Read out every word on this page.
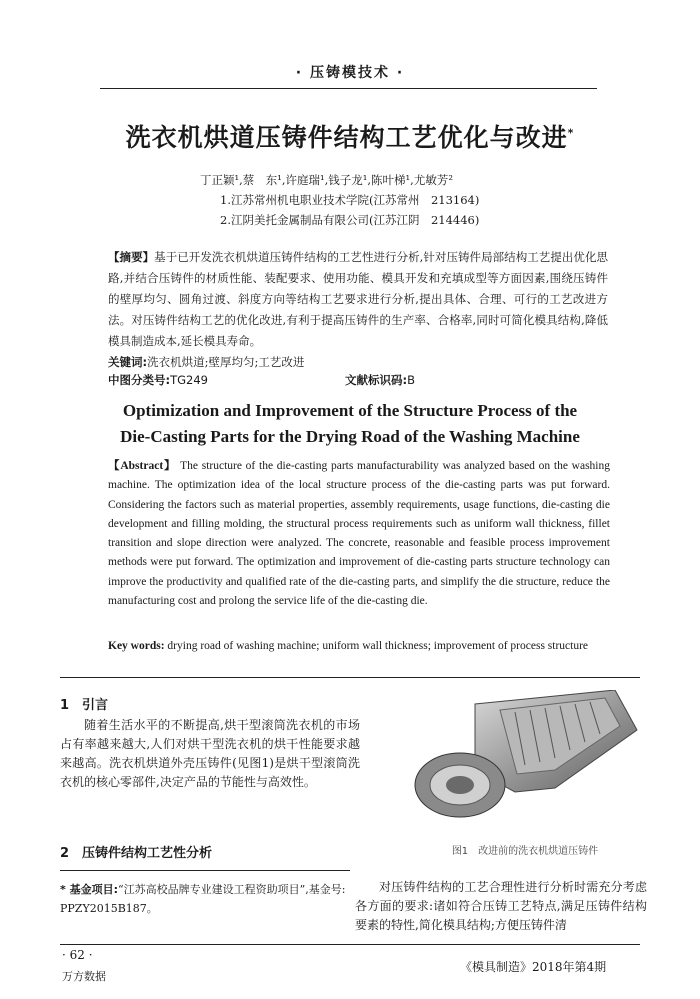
· 压铸模技术 ·
洗衣机烘道压铸件结构工艺优化与改进*
丁正颖¹,蔡　东¹,许庭瑞¹,钱子龙¹,陈叶梯¹,尤敏芳²
1.江苏常州机电职业技术学院(江苏常州　213164)
2.江阴美托金属制品有限公司(江苏江阴　214446)
【摘要】基于已开发洗衣机烘道压铸件结构的工艺性进行分析,针对压铸件局部结构工艺提出优化思路,并结合压铸件的材质性能、装配要求、使用功能、模具开发和充填成型等方面因素,围绕压铸件的壁厚均匀、圆角过渡、斜度方向等结构工艺要求进行分析,提出具体、合理、可行的工艺改进方法。对压铸件结构工艺的优化改进,有利于提高压铸件的生产率、合格率,同时可简化模具结构,降低模具制造成本,延长模具寿命。
关键词:洗衣机烘道;壁厚均匀;工艺改进
中图分类号:TG249	文献标识码:B
Optimization and Improvement of the Structure Process of the
Die-Casting Parts for the Drying Road of the Washing Machine
【Abstract】 The structure of the die-casting parts manufacturability was analyzed based on the washing machine. The optimization idea of the local structure process of the die-casting parts was put forward. Considering the factors such as material properties, assembly requirements, usage functions, die-casting die development and filling molding, the structural process requirements such as uniform wall thickness, fillet transition and slope direction were analyzed. The concrete, reasonable and feasible process improvement methods were put forward. The optimization and improvement of die-casting parts structure technology can improve the productivity and qualified rate of the die-casting parts, and simplify the die structure, reduce the manufacturing cost and prolong the service life of the die-casting die.
Key words: drying road of washing machine; uniform wall thickness; improvement of process structure
1　引言
随着生活水平的不断提高,烘干型滚筒洗衣机的市场占有率越来越大,人们对烘干型洗衣机的烘干性能要求越来越高。洗衣机烘道外壳压铸件(见图1)是烘干型滚筒洗衣机的核心零部件,决定产品的节能性与高效性。
2　压铸件结构工艺性分析	图1　改进前的洗衣机烘道压铸件
* 基金项目:“江苏高校品牌专业建设工程资助项目”,基金号: PPZY2015B187。
对压铸件结构的工艺合理性进行分析时需充分考虑各方面的要求:诸如符合压铸工艺特点,满足压铸件结构要素的特性,简化模具结构;方便压铸件清
· 62 ·
万方数据
《模具制造》2018年第4期
